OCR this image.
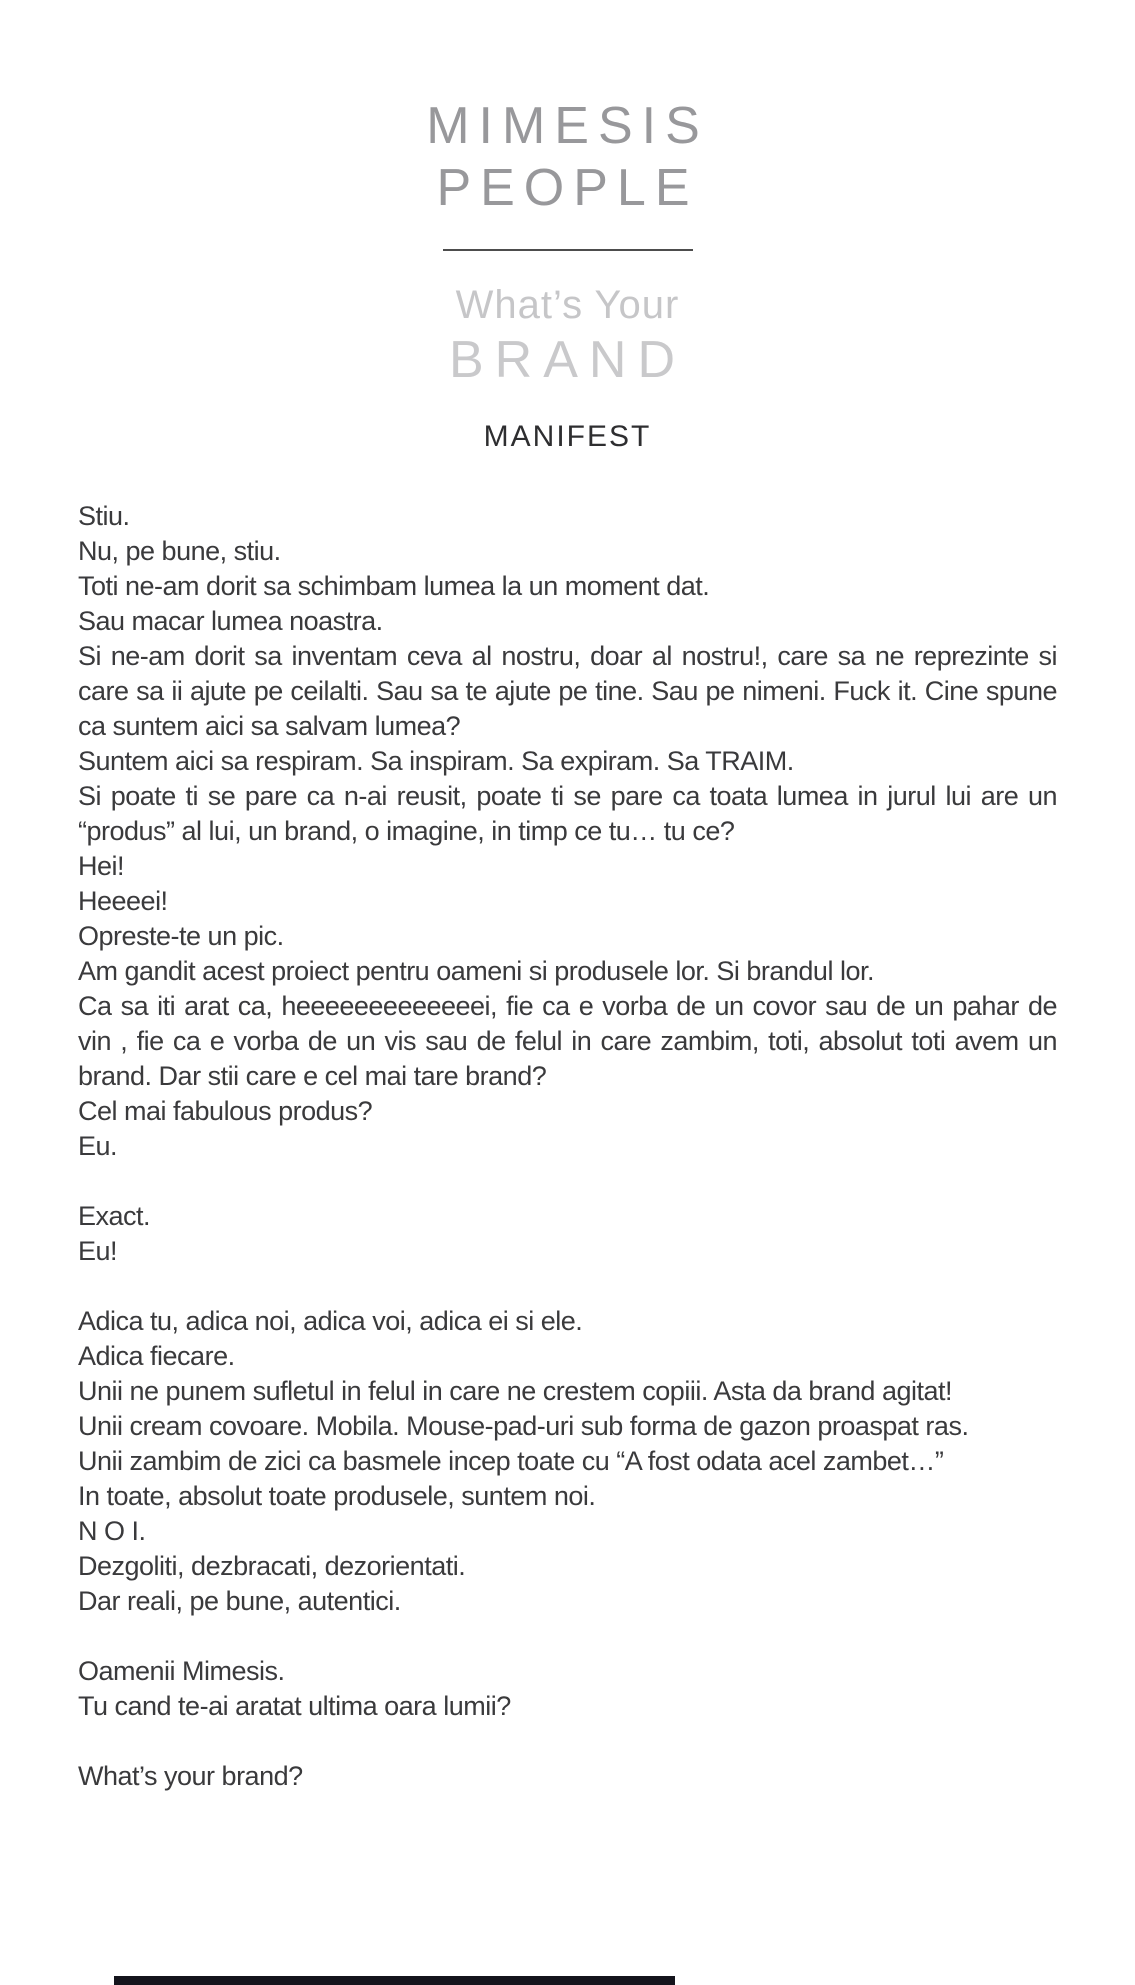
MIMESIS
PEOPLE
What’s Your
BRAND
MANIFEST

Stiu.

Nu, pe bune, stiu.

Toti ne-am dorit sa schimbam lumea la un moment dat.

Sau macar lumea noastra.

Si ne-am dorit sa inventam ceva al nostru, doar al nostru!, care sa ne reprezinte si care sa ii ajute pe ceilalti. Sau sa te ajute pe tine. Sau pe nimeni. Fuck it. Cine spune ca suntem aici sa salvam lumea?

Suntem aici sa respiram. Sa inspiram. Sa expiram. Sa TRAIM.

Si poate ti se pare ca n-ai reusit, poate ti se pare ca toata lumea in jurul lui are un “produs” al lui, un brand, o imagine, in timp ce tu… tu ce?

Hei!

Heeeei!

Opreste-te un pic.

Am gandit acest proiect pentru oameni si produsele lor. Si brandul lor.

Ca sa iti arat ca, heeeeeeeeeeeeei, fie ca e vorba de un covor sau de un pahar de vin , fie ca e vorba de un vis sau de felul in care zambim, toti, absolut toti avem un brand. Dar stii care e cel mai tare brand?

Cel mai fabulous produs?

Eu.

Exact.

Eu!

Adica tu, adica noi, adica voi, adica ei si ele.

Adica fiecare.

Unii ne punem sufletul in felul in care ne crestem copiii. Asta da brand agitat!

Unii cream covoare. Mobila. Mouse-pad-uri sub forma de gazon proaspat ras.

Unii zambim de zici ca basmele incep toate cu “A fost odata acel zambet…”

In toate, absolut toate produsele, suntem noi.

N O I.

Dezgoliti, dezbracati, dezorientati.

Dar reali, pe bune, autentici.

Oamenii Mimesis.

Tu cand te-ai aratat ultima oara lumii?

What’s your brand?
